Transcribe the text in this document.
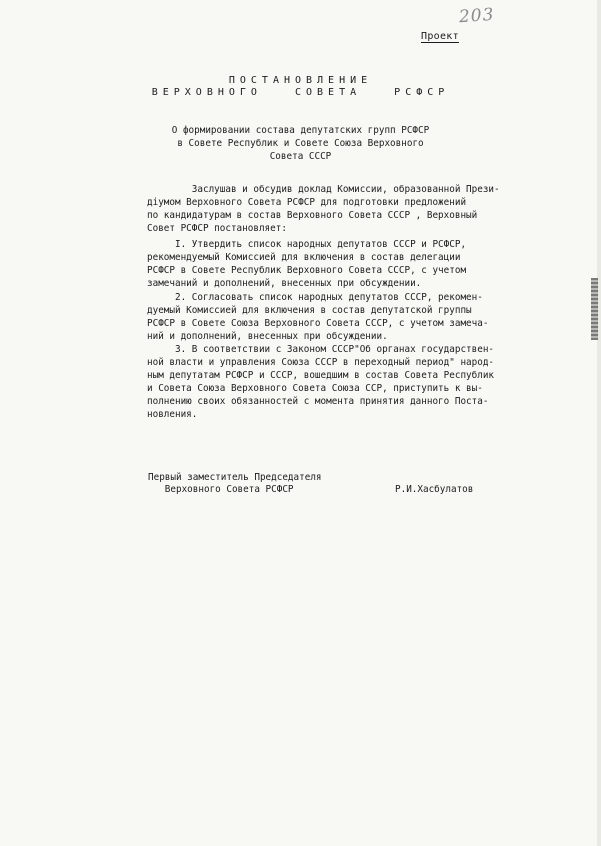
203
Проект
ПОСТАНОВЛЕНИЕ
ВЕРХОВНОГО   СОВЕТА   РСФСР
О формировании состава депутатских групп РСФСР
в Совете Республик и Совете Союза Верховного
Совета СССР
Заслушав и обсудив доклад Комиссии, образованной Прези-
дiумом Верховного Совета РСФСР для подготовки предложений
по кандидатурам в состав Верховного Совета СССР , Верховный
Совет РСФСР постановляет:
I. Утвердить список народных депутатов СССР и РСФСР,
рекомендуемый Комиссией для включения в состав делегации
РСФСР в Совете Республик Верховного Совета СССР, с учетом
замечаний и дополнений, внесенных при обсуждении.
2. Согласовать список народных депутатов СССР, рекомен-
дуемый Комиссией для включения в состав депутатской группы
РСФСР в Совете Союза Верховного Совета СССР, с учетом замеча-
ний и дополнений, внесенных при обсуждении.
3. В соответствии с Законом СССР"Об органах государствен-
ной власти и управления Союза СССР в переходный период" народ-
ным депутатам РСФСР и СССР, вошедшим в состав Совета Республик
и Совета Союза Верховного Совета Союза ССР, приступить к вы-
полнению своих обязанностей с момента принятия данного Поста-
новления.
Первый заместитель Председателя
Верховного Совета РСФСР	Р.И.Хасбулатов
